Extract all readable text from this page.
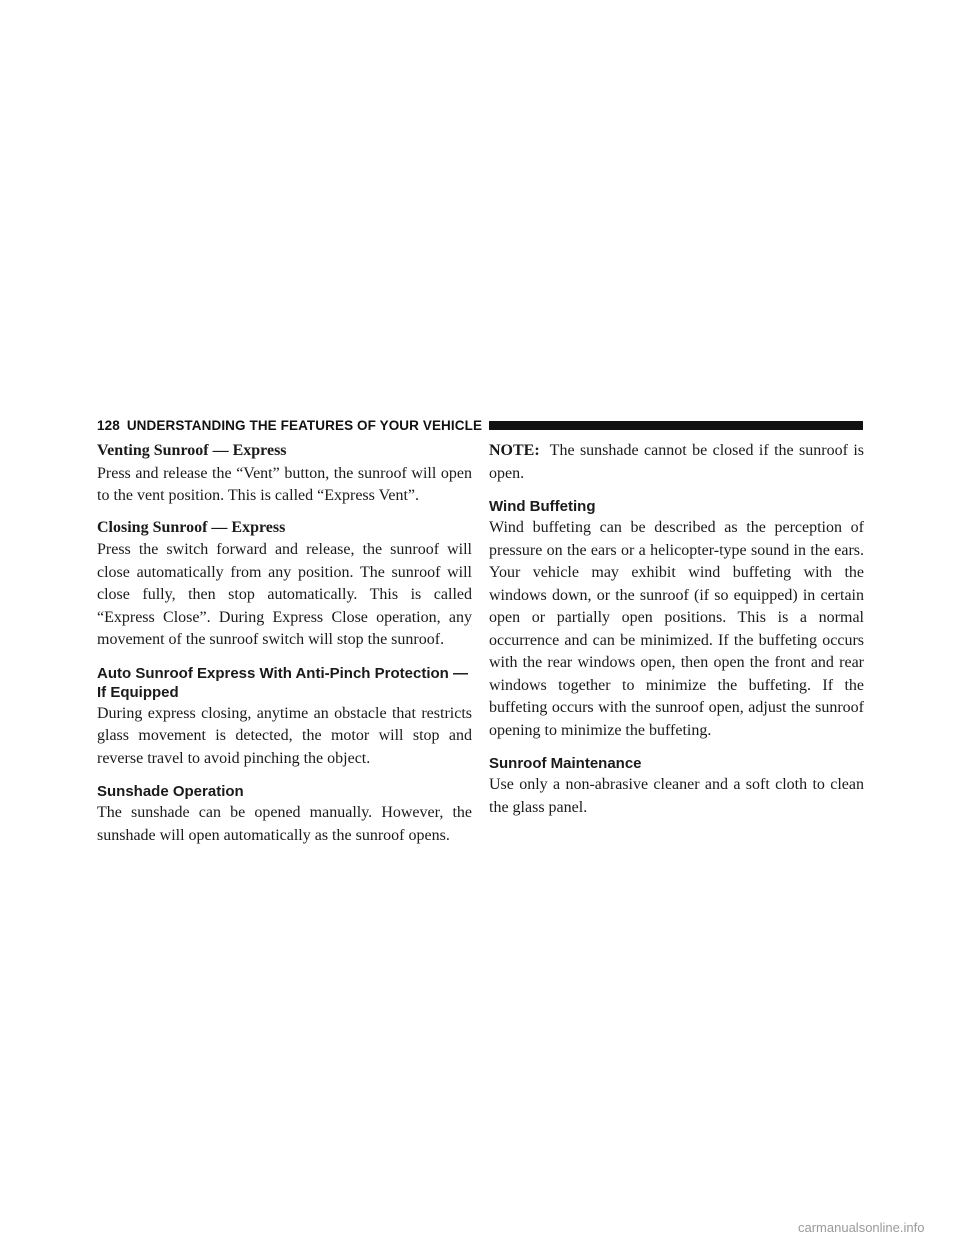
128 UNDERSTANDING THE FEATURES OF YOUR VEHICLE

Venting Sunroof — Express

Press and release the “Vent” button, the sunroof will open to the vent position. This is called “Express Vent”.

Closing Sunroof — Express

Press the switch forward and release, the sunroof will close automatically from any position. The sunroof will close fully, then stop automatically. This is called “Express Close”. During Express Close operation, any movement of the sunroof switch will stop the sunroof.

Auto Sunroof Express With Anti-Pinch Protection — If Equipped

During express closing, anytime an obstacle that restricts glass movement is detected, the motor will stop and reverse travel to avoid pinching the object.

Sunshade Operation

The sunshade can be opened manually. However, the sunshade will open automatically as the sunroof opens.

NOTE: The sunshade cannot be closed if the sunroof is open.

Wind Buffeting

Wind buffeting can be described as the perception of pressure on the ears or a helicopter-type sound in the ears. Your vehicle may exhibit wind buffeting with the windows down, or the sunroof (if so equipped) in certain open or partially open positions. This is a normal occurrence and can be minimized. If the buffeting occurs with the rear windows open, then open the front and rear windows together to minimize the buffeting. If the buffeting occurs with the sunroof open, adjust the sunroof opening to minimize the buffeting.

Sunroof Maintenance

Use only a non-abrasive cleaner and a soft cloth to clean the glass panel.

carmanualsonline.info
